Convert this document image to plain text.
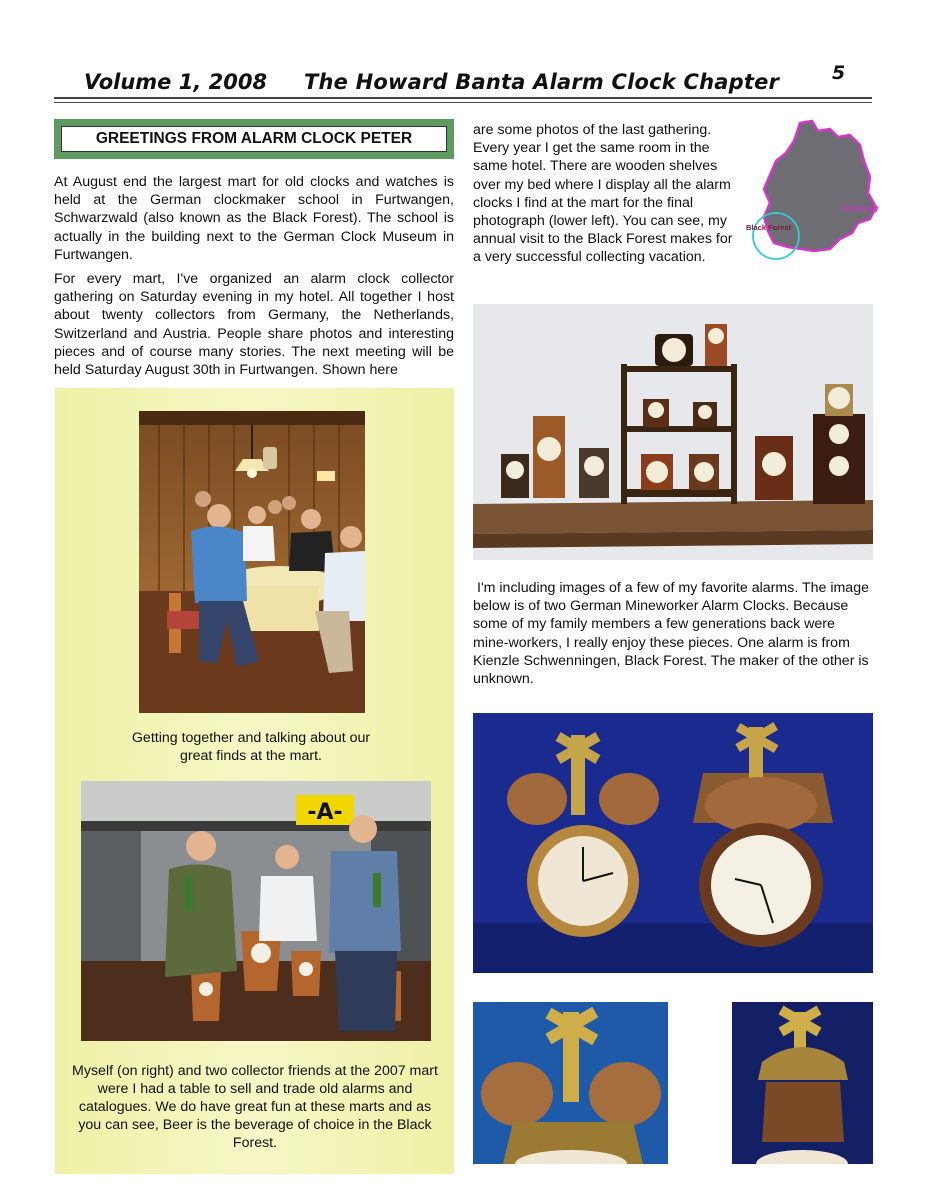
Volume 1, 2008 The Howard Banta Alarm Clock Chapter	5
GREETINGS FROM ALARM CLOCK PETER

At August end the largest mart for old clocks and watches is held at the German clockmaker school in Furtwangen, Schwarzwald (also known as the Black Forest). The school is actually in the building next to the German Clock Museum in Furtwangen.

For every mart, I've organized an alarm clock collector gathering on Saturday evening in my hotel. All together I host about twenty collectors from Germany, the Netherlands, Switzerland and Austria. People share photos and interesting pieces and of course many stories. The next meeting will be held Saturday August 30th in Furtwangen. Shown here

are some photos of the last gathering. Every year I get the same room in the same hotel. There are wooden shelves over my bed where I display all the alarm clocks I find at the mart for the final photograph (lower left). You can see, my annual visit to the Black Forest makes for a very successful collecting vacation.

Germany
Black Forest
Getting together and talking about our great finds at the mart.
-A-
Myself (on right) and two collector friends at the 2007 mart were I had a table to sell and trade old alarms and catalogues. We do have great fun at these marts and as you can see, Beer is the beverage of choice in the Black Forest.

I'm including images of a few of my favorite alarms. The image below is of two German Mineworker Alarm Clocks. Because some of my family members a few generations back were mine-workers, I really enjoy these pieces. One alarm is from Kienzle Schwenningen, Black Forest. The maker of the other is unknown.
